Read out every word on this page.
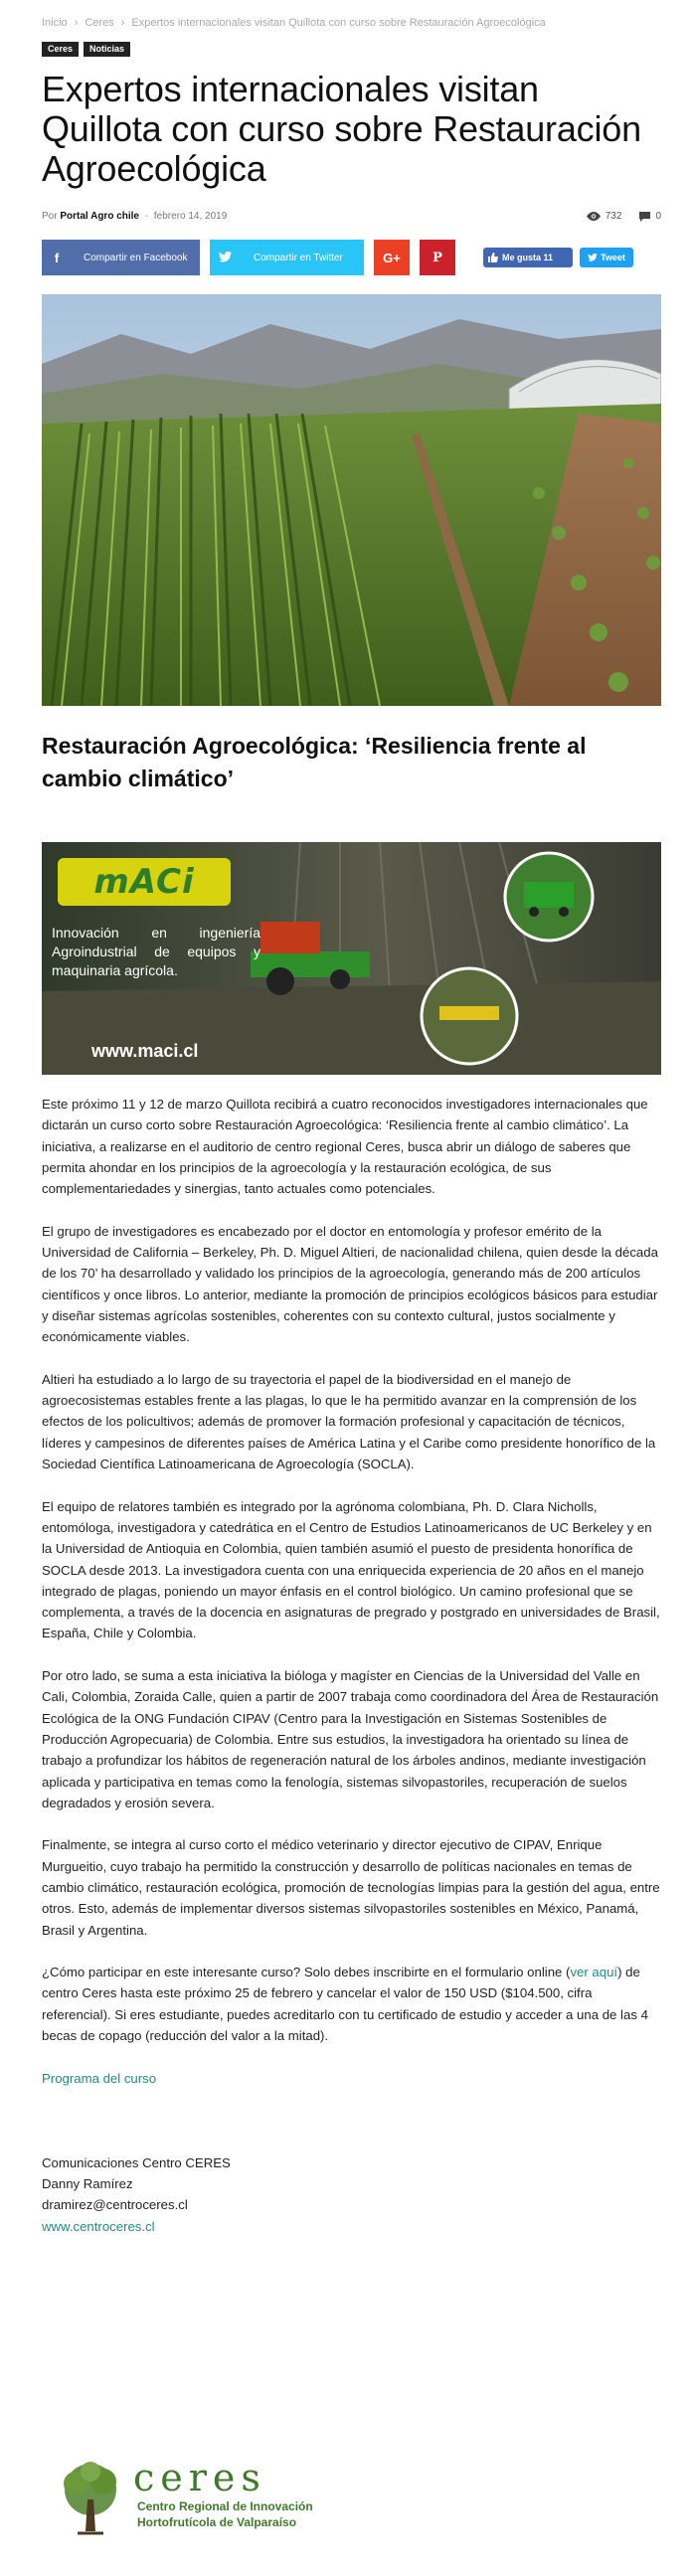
Inicio › Ceres › Expertos internacionales visitan Quillota con curso sobre Restauración Agroecológica
Ceres	Noticias
Expertos internacionales visitan Quillota con curso sobre Restauración Agroecológica
Por Portal Agro chile - febrero 14, 2019	732	0
f	Compartir en Facebook	Compartir en Twitter	G+ P	Me gusta 11	Tweet
Restauración Agroecológica: ‘Resiliencia frente al cambio climático’
mACi
Innovación en ingeniería
Agroindustrial de equipos y
maquinaria agrícola.
www.maci.cl

Este próximo 11 y 12 de marzo Quillota recibirá a cuatro reconocidos investigadores internacionales que dictarán un curso corto sobre Restauración Agroecológica: ‘Resiliencia frente al cambio climático’. La iniciativa, a realizarse en el auditorio de centro regional Ceres, busca abrir un diálogo de saberes que permita ahondar en los principios de la agroecología y la restauración ecológica, de sus complementariedades y sinergias, tanto actuales como potenciales.

El grupo de investigadores es encabezado por el doctor en entomología y profesor emérito de la Universidad de California – Berkeley, Ph. D. Miguel Altieri, de nacionalidad chilena, quien desde la década de los 70’ ha desarrollado y validado los principios de la agroecología, generando más de 200 artículos científicos y once libros. Lo anterior, mediante la promoción de principios ecológicos básicos para estudiar y diseñar sistemas agrícolas sostenibles, coherentes con su contexto cultural, justos socialmente y económicamente viables.

Altieri ha estudiado a lo largo de su trayectoria el papel de la biodiversidad en el manejo de agroecosistemas estables frente a las plagas, lo que le ha permitido avanzar en la comprensión de los efectos de los policultivos; además de promover la formación profesional y capacitación de técnicos, líderes y campesinos de diferentes países de América Latina y el Caribe como presidente honorífico de la Sociedad Científica Latinoamericana de Agroecología (SOCLA).

El equipo de relatores también es integrado por la agrónoma colombiana, Ph. D. Clara Nicholls, entomóloga, investigadora y catedrática en el Centro de Estudios Latinoamericanos de UC Berkeley y en la Universidad de Antioquia en Colombia, quien también asumió el puesto de presidenta honorífica de SOCLA desde 2013. La investigadora cuenta con una enriquecida experiencia de 20 años en el manejo integrado de plagas, poniendo un mayor énfasis en el control biológico. Un camino profesional que se complementa, a través de la docencia en asignaturas de pregrado y postgrado en universidades de Brasil, España, Chile y Colombia.

Por otro lado, se suma a esta iniciativa la bióloga y magíster en Ciencias de la Universidad del Valle en Cali, Colombia, Zoraida Calle, quien a partir de 2007 trabaja como coordinadora del Área de Restauración Ecológica de la ONG Fundación CIPAV (Centro para la Investigación en Sistemas Sostenibles de Producción Agropecuaria) de Colombia. Entre sus estudios, la investigadora ha orientado su línea de trabajo a profundizar los hábitos de regeneración natural de los árboles andinos, mediante investigación aplicada y participativa en temas como la fenología, sistemas silvopastoriles, recuperación de suelos degradados y erosión severa.

Finalmente, se integra al curso corto el médico veterinario y director ejecutivo de CIPAV, Enrique Murgueitio, cuyo trabajo ha permitido la construcción y desarrollo de políticas nacionales en temas de cambio climático, restauración ecológica, promoción de tecnologías limpias para la gestión del agua, entre otros. Esto, además de implementar diversos sistemas silvopastoriles sostenibles en México, Panamá, Brasil y Argentina.

¿Cómo participar en este interesante curso? Solo debes inscribirte en el formulario online (ver aquí) de centro Ceres hasta este próximo 25 de febrero y cancelar el valor de 150 USD ($104.500, cifra referencial). Si eres estudiante, puedes acreditarlo con tu certificado de estudio y acceder a una de las 4 becas de copago (reducción del valor a la mitad).

Programa del curso

Comunicaciones Centro CERES

Danny Ramírez

dramirez@centroceres.cl

www.centroceres.cl

ceres
Centro Regional de Innovación
Hortofrutícola de Valparaíso
